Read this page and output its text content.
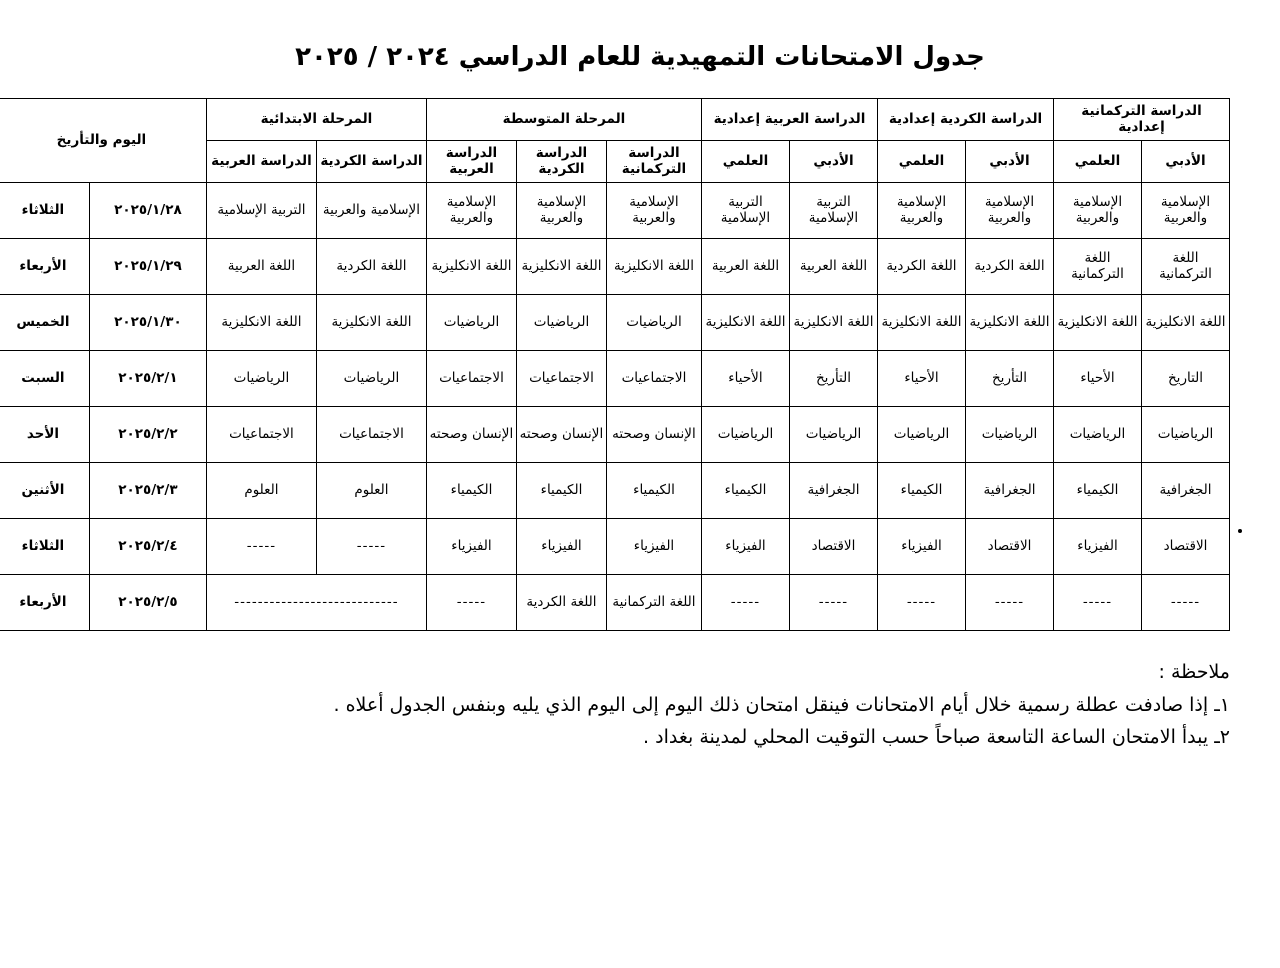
جدول الامتحانات التمهيدية للعام الدراسي ٢٠٢٤ / ٢٠٢٥
الدراسة التركمانية إعدادية		الدراسة الكردية إعدادية		الدراسة العربية إعدادية		المرحلة المتوسطة			المرحلة الابتدائية		اليوم والتأريخ	
الأدبي	العلمي	الأدبي	العلمي	الأدبي	العلمي	الدراسة التركمانية	الدراسة الكردية	الدراسة العربية	الدراسة الكردية	الدراسة العربية		
الإسلامية والعربية	الإسلامية والعربية	الإسلامية والعربية	الإسلامية والعربية	التربية الإسلامية	التربية الإسلامية	الإسلامية والعربية	الإسلامية والعربية	الإسلامية والعربية	الإسلامية والعربية	التربية الإسلامية	٢٠٢٥/١/٢٨	الثلاثاء
اللغة التركمانية	اللغة التركمانية	اللغة الكردية	اللغة الكردية	اللغة العربية	اللغة العربية	اللغة الانكليزية	اللغة الانكليزية	اللغة الانكليزية	اللغة الكردية	اللغة العربية	٢٠٢٥/١/٢٩	الأربعاء
اللغة الانكليزية	اللغة الانكليزية	اللغة الانكليزية	اللغة الانكليزية	اللغة الانكليزية	اللغة الانكليزية	الرياضيات	الرياضيات	الرياضيات	اللغة الانكليزية	اللغة الانكليزية	٢٠٢٥/١/٣٠	الخميس
التاريخ	الأحياء	التأريخ	الأحياء	التأريخ	الأحياء	الاجتماعيات	الاجتماعيات	الاجتماعيات	الرياضيات	الرياضيات	٢٠٢٥/٢/١	السبت
الرياضيات	الرياضيات	الرياضيات	الرياضيات	الرياضيات	الرياضيات	الإنسان وصحته	الإنسان وصحته	الإنسان وصحته	الاجتماعيات	الاجتماعيات	٢٠٢٥/٢/٢	الأحد
الجغرافية	الكيمياء	الجغرافية	الكيمياء	الجغرافية	الكيمياء	الكيمياء	الكيمياء	الكيمياء	العلوم	العلوم	٢٠٢٥/٢/٣	الأثنين
الاقتصاد	الفيزياء	الاقتصاد	الفيزياء	الاقتصاد	الفيزياء	الفيزياء	الفيزياء	الفيزياء	-----	-----	٢٠٢٥/٢/٤	الثلاثاء
-----	-----	-----	-----	-----	-----	اللغة التركمانية	اللغة الكردية	-----	----------------------------		٢٠٢٥/٢/٥	الأربعاء
ملاحظة :
١ـ إذا صادفت عطلة رسمية خلال أيام الامتحانات فينقل امتحان ذلك اليوم إلى اليوم الذي يليه وبنفس الجدول أعلاه .
٢ـ يبدأ الامتحان الساعة التاسعة صباحاً حسب التوقيت المحلي لمدينة بغداد .
